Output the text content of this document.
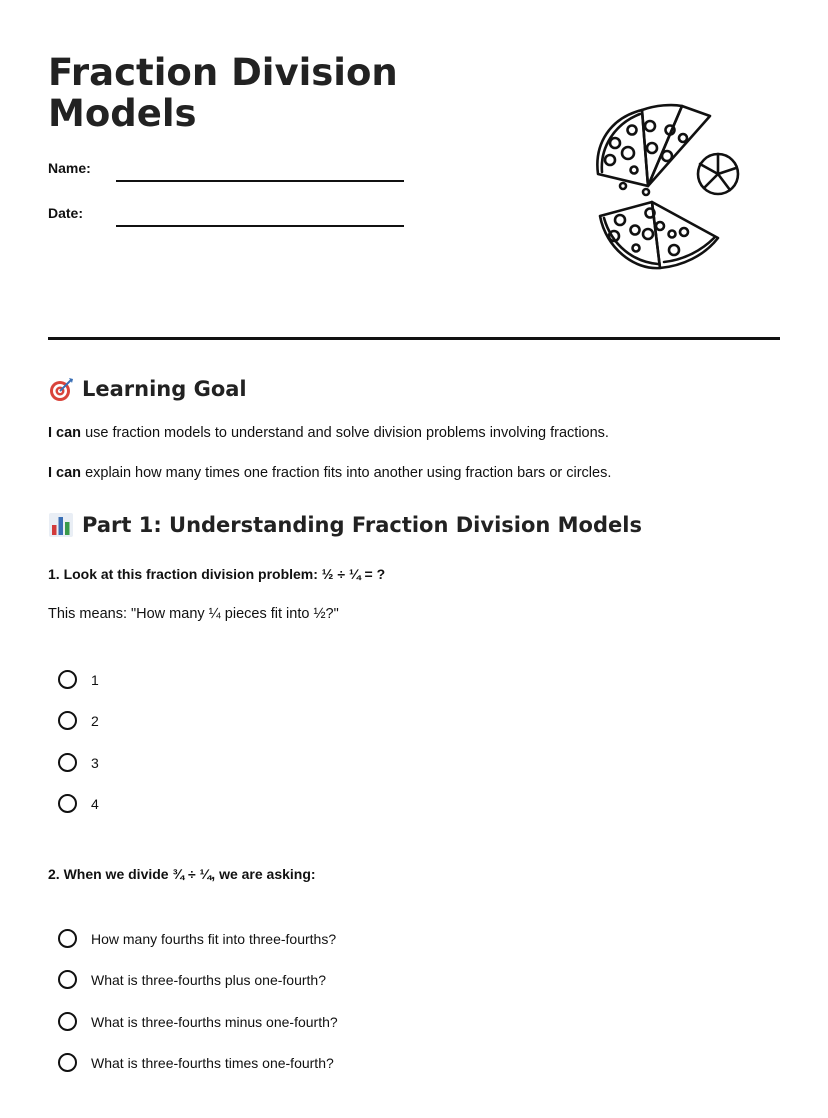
Fraction Division
Models
Name:
Date:
Learning Goal

I can use fraction models to understand and solve division problems involving fractions.

I can explain how many times one fraction fits into another using fraction bars or circles.

Part 1: Understanding Fraction Division Models

1. Look at this fraction division problem: ½ ÷ ¼ = ?

This means: "How many ¼ pieces fit into ½?"

1
2
3
4

2. When we divide ¾ ÷ ¼, we are asking:

How many fourths fit into three-fourths?
What is three-fourths plus one-fourth?
What is three-fourths minus one-fourth?
What is three-fourths times one-fourth?
